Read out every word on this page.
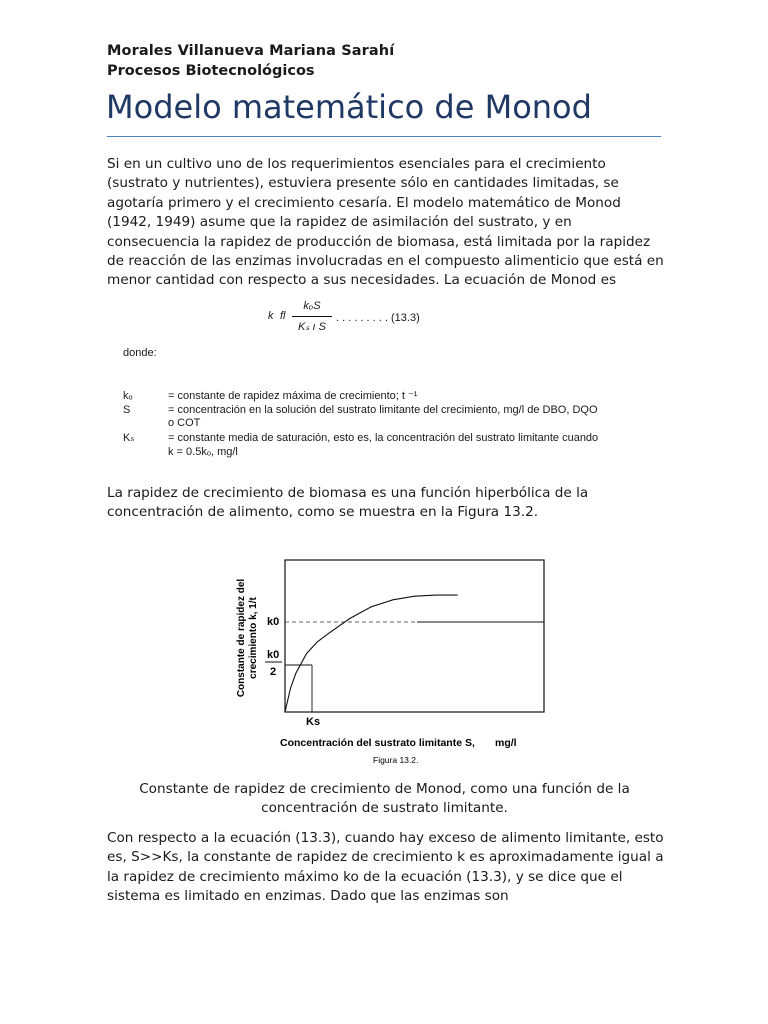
Morales Villanueva Mariana Sarahí
Procesos Biotecnológicos
Modelo matemático de Monod

Si en un cultivo uno de los requerimientos esenciales para el crecimiento (sustrato y nutrientes), estuviera presente sólo en cantidades limitadas, se agotaría primero y el crecimiento cesaría. El modelo matemático de Monod (1942, 1949) asume que la rapidez de asimilación del sustrato, y en consecuencia la rapidez de producción de biomasa, está limitada por la rapidez de reacción de las enzimas involucradas en el compuesto alimenticio que está en menor cantidad con respecto a sus necesidades. La ecuación de Monod es

k fl
kₒS
Kₛ ı S
. . . . . . . . . (13.3)
donde:
kₒ	= constante de rapidez máxima de crecimiento; t ⁻¹
S	= concentración en la solución del sustrato limitante del crecimiento, mg/l de DBO, DQO
o COT
Kₛ	= constante media de saturación, esto es, la concentración del sustrato limitante cuando
k = 0.5kₒ, mg/l

La rapidez de crecimiento de biomasa es una función hiperbólica de la concentración de alimento, como se muestra en la Figura 13.2.

Constante de rapidez del crecimiento k, 1/t k0
k0
2
Ks
Concentración del sustrato limitante S, mg/l
Figura 13.2.

Constante de rapidez de crecimiento de Monod, como una función de la concentración de sustrato limitante.

Con respecto a la ecuación (13.3), cuando hay exceso de alimento limitante, esto es, S>>Ks, la constante de rapidez de crecimiento k es aproximadamente igual a la rapidez de crecimiento máximo ko de la ecuación (13.3), y se dice que el sistema es limitado en enzimas. Dado que las enzimas son
